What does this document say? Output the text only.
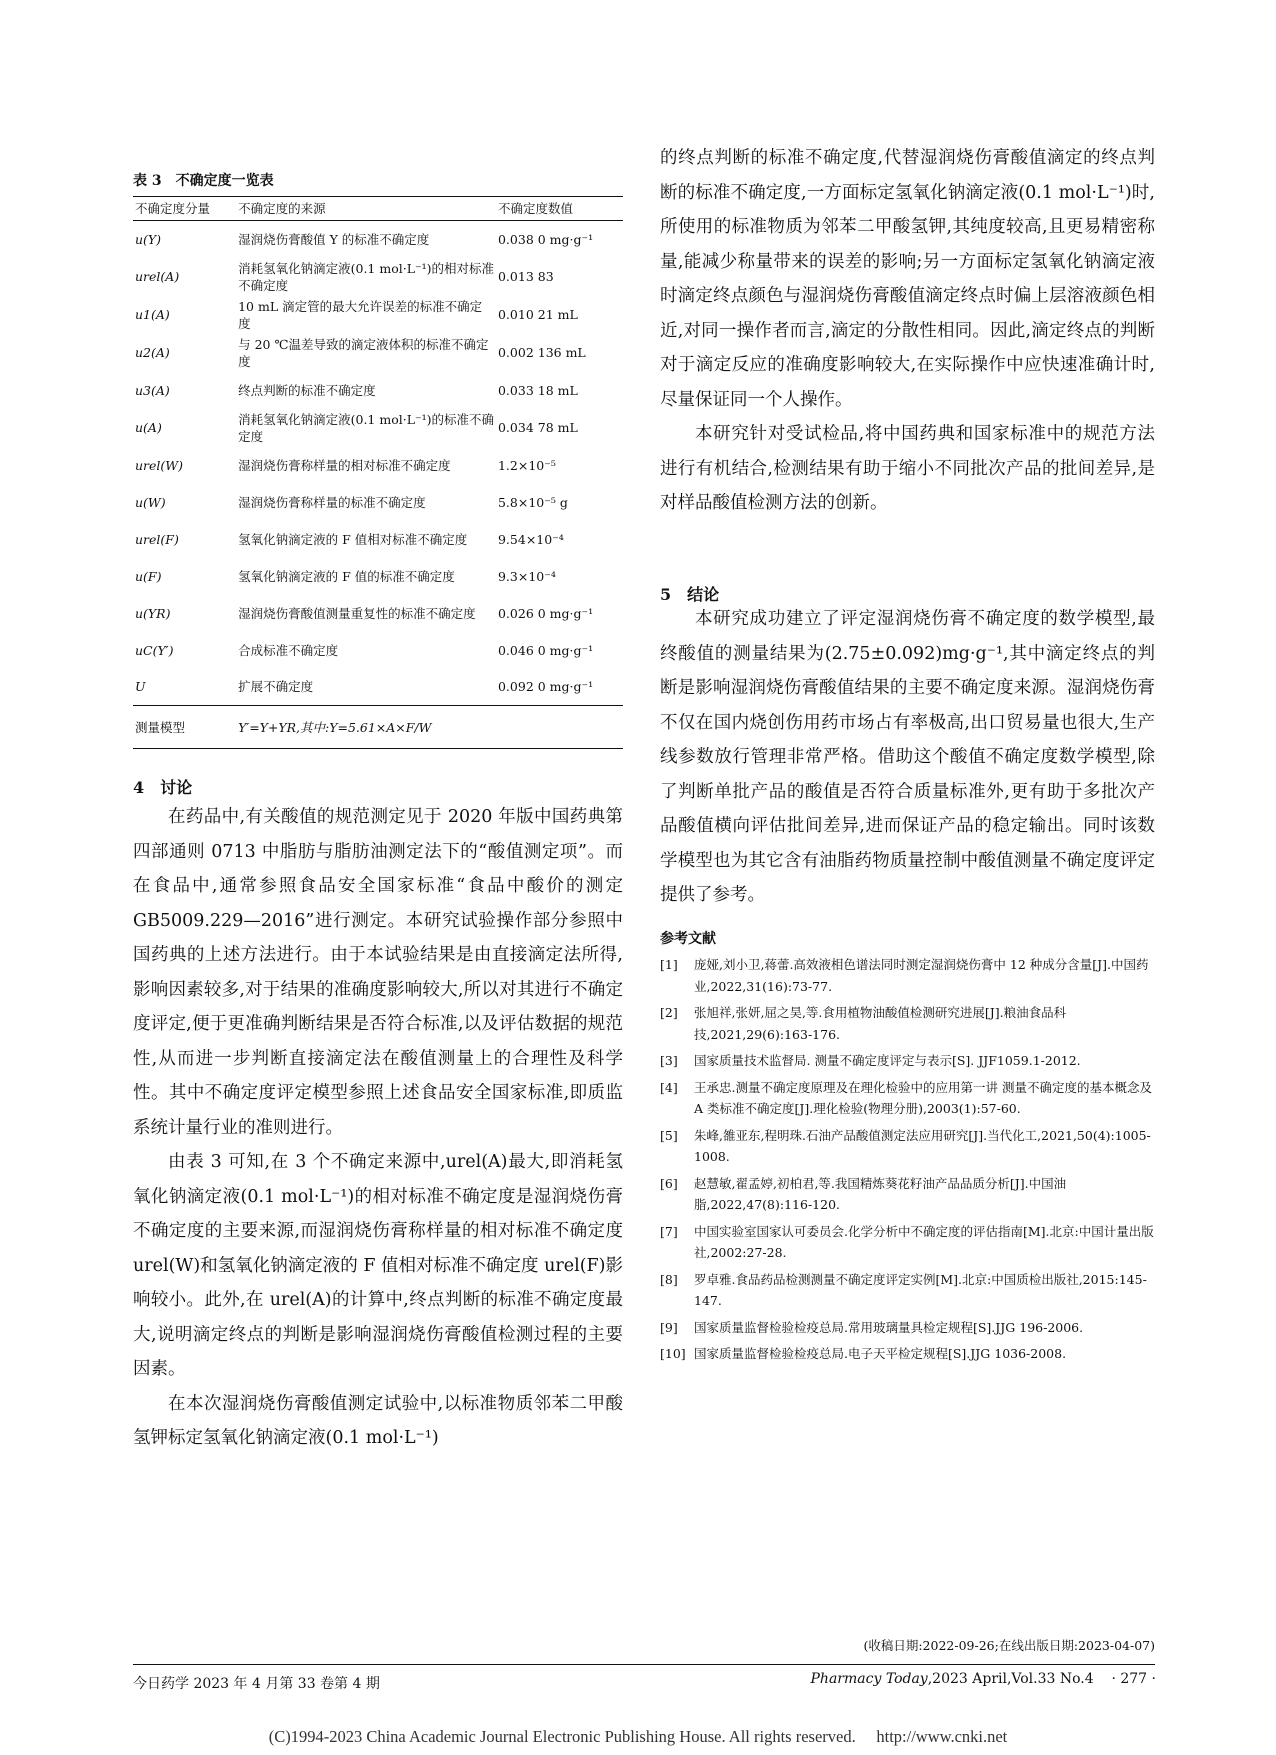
表 3　不确定度一览表
不确定度分量	不确定度的来源	不确定度数值
u(Y)	湿润烧伤膏酸值 Y 的标准不确定度	0.038 0 mg·g⁻¹
urel(A)	消耗氢氧化钠滴定液(0.1 mol·L⁻¹)的相对标准不确定度	0.013 83
u1(A)	10 mL 滴定管的最大允许误差的标准不确定度	0.010 21 mL
u2(A)	与 20 ℃温差导致的滴定液体积的标准不确定度	0.002 136 mL
u3(A)	终点判断的标准不确定度	0.033 18 mL
u(A)	消耗氢氧化钠滴定液(0.1 mol·L⁻¹)的标准不确定度	0.034 78 mL
urel(W)	湿润烧伤膏称样量的相对标准不确定度	1.2×10⁻⁵
u(W)	湿润烧伤膏称样量的标准不确定度	5.8×10⁻⁵ g
urel(F)	氢氧化钠滴定液的 F 值相对标准不确定度	9.54×10⁻⁴
u(F)	氢氧化钠滴定液的 F 值的标准不确定度	9.3×10⁻⁴
u(YR)	湿润烧伤膏酸值测量重复性的标准不确定度	0.026 0 mg·g⁻¹
uC(Y′)	合成标准不确定度	0.046 0 mg·g⁻¹
U	扩展不确定度	0.092 0 mg·g⁻¹
测量模型	Y′=Y+YR,其中:Y=5.61×A×F/W	
4　讨论

在药品中,有关酸值的规范测定见于 2020 年版中国药典第四部通则 0713 中脂肪与脂肪油测定法下的“酸值测定项”。而在食品中,通常参照食品安全国家标准“食品中酸价的测定 GB5009.229—2016”进行测定。本研究试验操作部分参照中国药典的上述方法进行。由于本试验结果是由直接滴定法所得,影响因素较多,对于结果的准确度影响较大,所以对其进行不确定度评定,便于更准确判断结果是否符合标准,以及评估数据的规范性,从而进一步判断直接滴定法在酸值测量上的合理性及科学性。其中不确定度评定模型参照上述食品安全国家标准,即质监系统计量行业的准则进行。

由表 3 可知,在 3 个不确定来源中,urel(A)最大,即消耗氢氧化钠滴定液(0.1 mol·L⁻¹)的相对标准不确定度是湿润烧伤膏不确定度的主要来源,而湿润烧伤膏称样量的相对标准不确定度 urel(W)和氢氧化钠滴定液的 F 值相对标准不确定度 urel(F)影响较小。此外,在 urel(A)的计算中,终点判断的标准不确定度最大,说明滴定终点的判断是影响湿润烧伤膏酸值检测过程的主要因素。

在本次湿润烧伤膏酸值测定试验中,以标准物质邻苯二甲酸氢钾标定氢氧化钠滴定液(0.1 mol·L⁻¹)

的终点判断的标准不确定度,代替湿润烧伤膏酸值滴定的终点判断的标准不确定度,一方面标定氢氧化钠滴定液(0.1 mol·L⁻¹)时,所使用的标准物质为邻苯二甲酸氢钾,其纯度较高,且更易精密称量,能减少称量带来的误差的影响;另一方面标定氢氧化钠滴定液时滴定终点颜色与湿润烧伤膏酸值滴定终点时偏上层溶液颜色相近,对同一操作者而言,滴定的分散性相同。因此,滴定终点的判断对于滴定反应的准确度影响较大,在实际操作中应快速准确计时,尽量保证同一个人操作。

本研究针对受试检品,将中国药典和国家标准中的规范方法进行有机结合,检测结果有助于缩小不同批次产品的批间差异,是对样品酸值检测方法的创新。

5　结论

本研究成功建立了评定湿润烧伤膏不确定度的数学模型,最终酸值的测量结果为(2.75±0.092)mg·g⁻¹,其中滴定终点的判断是影响湿润烧伤膏酸值结果的主要不确定度来源。湿润烧伤膏不仅在国内烧创伤用药市场占有率极高,出口贸易量也很大,生产线参数放行管理非常严格。借助这个酸值不确定度数学模型,除了判断单批产品的酸值是否符合质量标准外,更有助于多批次产品酸值横向评估批间差异,进而保证产品的稳定输出。同时该数学模型也为其它含有油脂药物质量控制中酸值测量不确定度评定提供了参考。

参考文献
[1] 庞娅,刘小卫,蒋蕾.高效液相色谱法同时测定湿润烧伤膏中 12 种成分含量[J].中国药业,2022,31(16):73-77.
[2] 张旭祥,张妍,屈之昊,等.食用植物油酸值检测研究进展[J].粮油食品科技,2021,29(6):163-176.
[3] 国家质量技术监督局. 测量不确定度评定与表示[S]. JJF1059.1-2012.
[4] 王承忠.测量不确定度原理及在理化检验中的应用第一讲 测量不确定度的基本概念及 A 类标准不确定度[J].理化检验(物理分册),2003(1):57-60.
[5] 朱峰,雒亚东,程明珠.石油产品酸值测定法应用研究[J].当代化工,2021,50(4):1005-1008.
[6] 赵慧敏,翟孟婷,初柏君,等.我国精炼葵花籽油产品品质分析[J].中国油脂,2022,47(8):116-120.
[7] 中国实验室国家认可委员会.化学分析中不确定度的评估指南[M].北京:中国计量出版社,2002:27-28.
[8] 罗卓雅.食品药品检测测量不确定度评定实例[M].北京:中国质检出版社,2015:145-147.
[9] 国家质量监督检验检疫总局.常用玻璃量具检定规程[S].JJG 196-2006.
[10] 国家质量监督检验检疫总局.电子天平检定规程[S].JJG 1036-2008.
(收稿日期:2022-09-26;在线出版日期:2023-04-07)
今日药学 2023 年 4 月第 33 卷第 4 期	Pharmacy Today,2023 April,Vol.33 No.4 · 277 ·
(C)1994-2023 China Academic Journal Electronic Publishing House. All rights reserved.　 http://www.cnki.net
